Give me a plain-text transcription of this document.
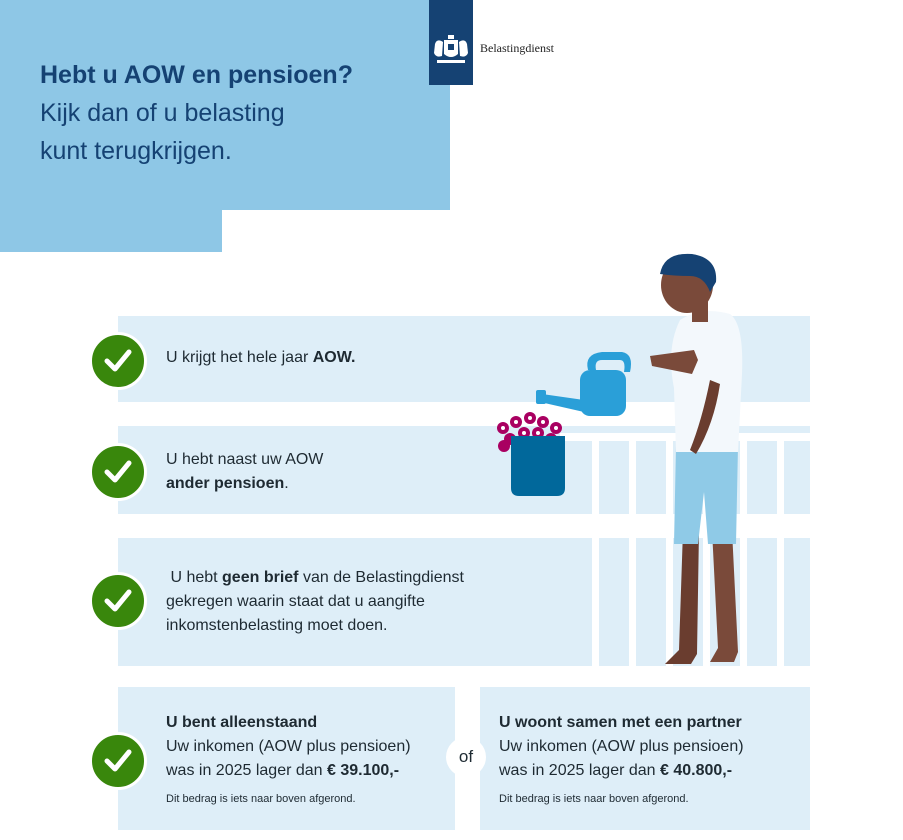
Hebt u AOW en pensioen?
Kijk dan of u belasting
kunt terugkrijgen.
Belastingdienst
U krijgt het hele jaar AOW.
U hebt naast uw AOW
ander pensioen.
U hebt geen brief van de Belastingdienst
gekregen waarin staat dat u aangifte
inkomstenbelasting moet doen.
U bent alleenstaand
Uw inkomen (AOW plus pensioen)
was in 2025 lager dan € 39.100,-
Dit bedrag is iets naar boven afgerond.
of
U woont samen met een partner
Uw inkomen (AOW plus pensioen)
was in 2025 lager dan € 40.800,-
Dit bedrag is iets naar boven afgerond.
